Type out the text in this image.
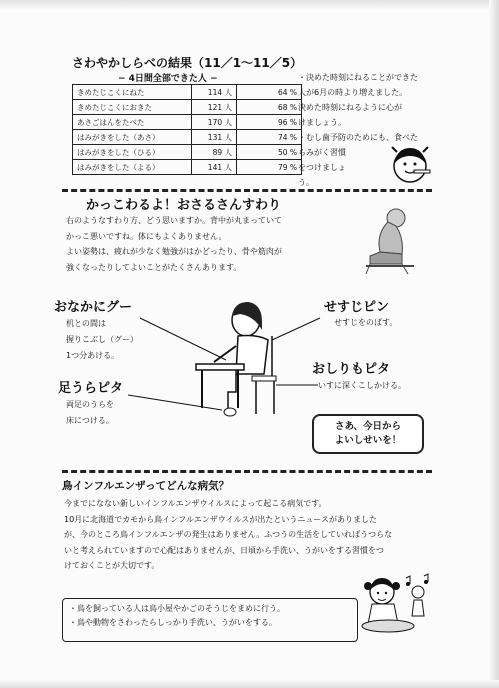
さわやかしらべの結果（11／1〜11／5）
− 4日間全部できた人 −
きめたじこくにねた	114 人	64 %
きめたじこくにおきた	121 人	68 %
あさごはんをたべた	170 人	96 %
はみがきをした（あさ）	131 人	74 %
はみがきをした（ひる）	89 人	50 %
はみがきをした（よる）	141 人	79 %
・決めた時刻にねることができた
人が6月の時より増えました。
決めた時刻にねるように心が
けましょう。
・むし歯予防のためにも、食べた
らみがく習慣
をつけましょ
う。
かっこわるよ！おさるさんすわり
右のようなすわり方、どう思いますか。背中が丸まっていて
かっこ悪いですね。体にもよくありません。
よい姿勢は、疲れが少なく勉強がはかどったり、骨や筋肉が
強くなったりしてよいことがたくさんあります。
おなかにグー
机との間は
握りこぶし（グー）
1つ分あける。
せすじピン
せすじをのばす。
おしりもピタ
いすに深くこしかける。
足うらピタ
両足のうらを
床につける。
さあ、今日から
よいしせいを！
鳥インフルエンザってどんな病気？
今までになない新しいインフルエンザウイルスによって起こる病気です。
10月に北海道でカモから鳥インフルエンザウイルスが出たというニュースがありました
が、今のところ鳥インフルエンザの発生はありません。ふつうの生活をしていればうつらな
いと考えられていますので心配はありませんが、日頃から手洗い、うがいをする習慣をつ
けておくことが大切です。
・鳥を飼っている人は鳥小屋やかごのそうじをまめに行う。
・鳥や動物をさわったらしっかり手洗い、うがいをする。
